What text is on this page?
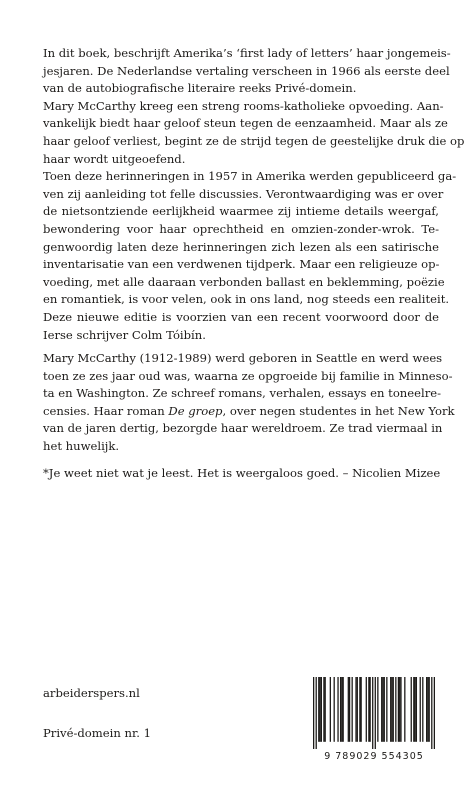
In dit boek, beschrijft Amerika’s ‘first lady of letters’ haar jongemeis-
jesjaren. De Nederlandse vertaling verscheen in 1966 als eerste deel
van de autobiografische literaire reeks Privé-domein.
Mary McCarthy kreeg een streng rooms-katholieke opvoeding. Aan-
vankelijk biedt haar geloof steun tegen de eenzaamheid. Maar als ze
haar geloof verliest, begint ze de strijd tegen de geestelijke druk die op
haar wordt uitgeoefend.
Toen deze herinneringen in 1957 in Amerika werden gepubliceerd ga-
ven zij aanleiding tot felle discussies. Verontwaardiging was er over
de nietsontziende eerlijkheid waarmee zij intieme details weergaf,
bewondering voor haar oprechtheid en omzien-zonder-wrok. Te-
genwoordig laten deze herinneringen zich lezen als een satirische
inventarisatie van een verdwenen tijdperk. Maar een religieuze op-
voeding, met alle daaraan verbonden ballast en beklemming, poëzie
en romantiek, is voor velen, ook in ons land, nog steeds een realiteit.
Deze nieuwe editie is voorzien van een recent voorwoord door de
Ierse schrijver Colm Tóibín.
Mary McCarthy (1912-1989) werd geboren in Seattle en werd wees
toen ze zes jaar oud was, waarna ze opgroeide bij familie in Minneso-
ta en Washington. Ze schreef romans, verhalen, essays en toneelre-
censies. Haar roman De groep, over negen studentes in het New York
van de jaren dertig, bezorgde haar wereldroem. Ze trad viermaal in
het huwelijk.
*Je weet niet wat je leest. Het is weergaloos goed. – Nicolien Mizee
arbeiderspers.nl
Privé-domein nr. 1
9 789029 554305
